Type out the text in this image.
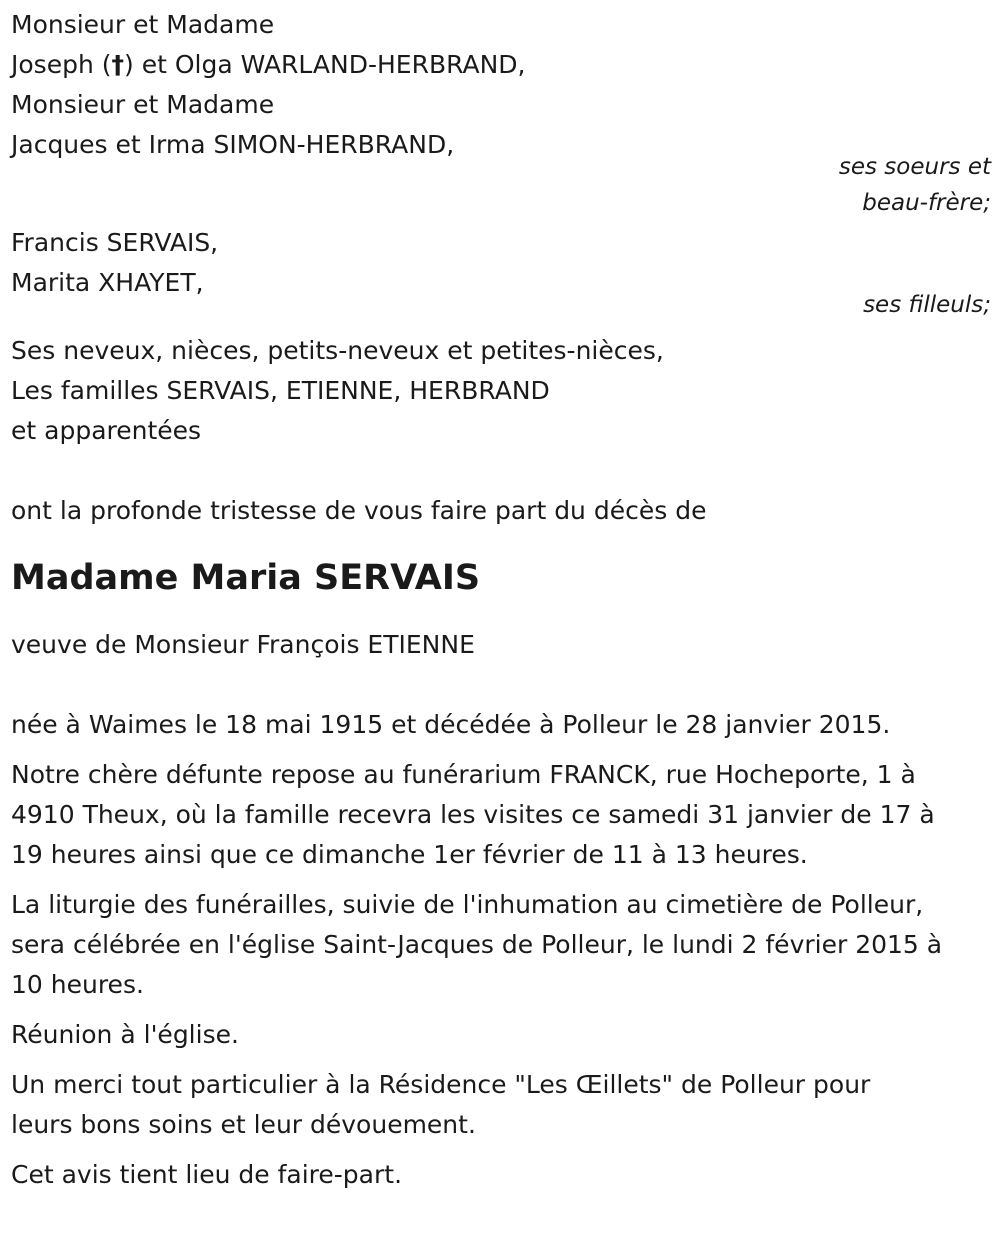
Monsieur et Madame
Joseph (†) et Olga WARLAND-HERBRAND,
Monsieur et Madame
Jacques et Irma SIMON-HERBRAND,
ses soeurs et
beau-frère;
Francis SERVAIS,
Marita XHAYET,
ses filleuls;
Ses neveux, nièces, petits-neveux et petites-nièces,
Les familles SERVAIS, ETIENNE, HERBRAND
et apparentées
ont la profonde tristesse de vous faire part du décès de
Madame Maria SERVAIS
veuve de Monsieur François ETIENNE
née à Waimes le 18 mai 1915 et décédée à Polleur le 28 janvier 2015.
Notre chère défunte repose au funérarium FRANCK, rue Hocheporte, 1 à
4910 Theux, où la famille recevra les visites ce samedi 31 janvier de 17 à
19 heures ainsi que ce dimanche 1er février de 11 à 13 heures.
La liturgie des funérailles, suivie de l'inhumation au cimetière de Polleur,
sera célébrée en l'église Saint-Jacques de Polleur, le lundi 2 février 2015 à
10 heures.
Réunion à l'église.
Un merci tout particulier à la Résidence "Les Œillets" de Polleur pour
leurs bons soins et leur dévouement.
Cet avis tient lieu de faire-part.
